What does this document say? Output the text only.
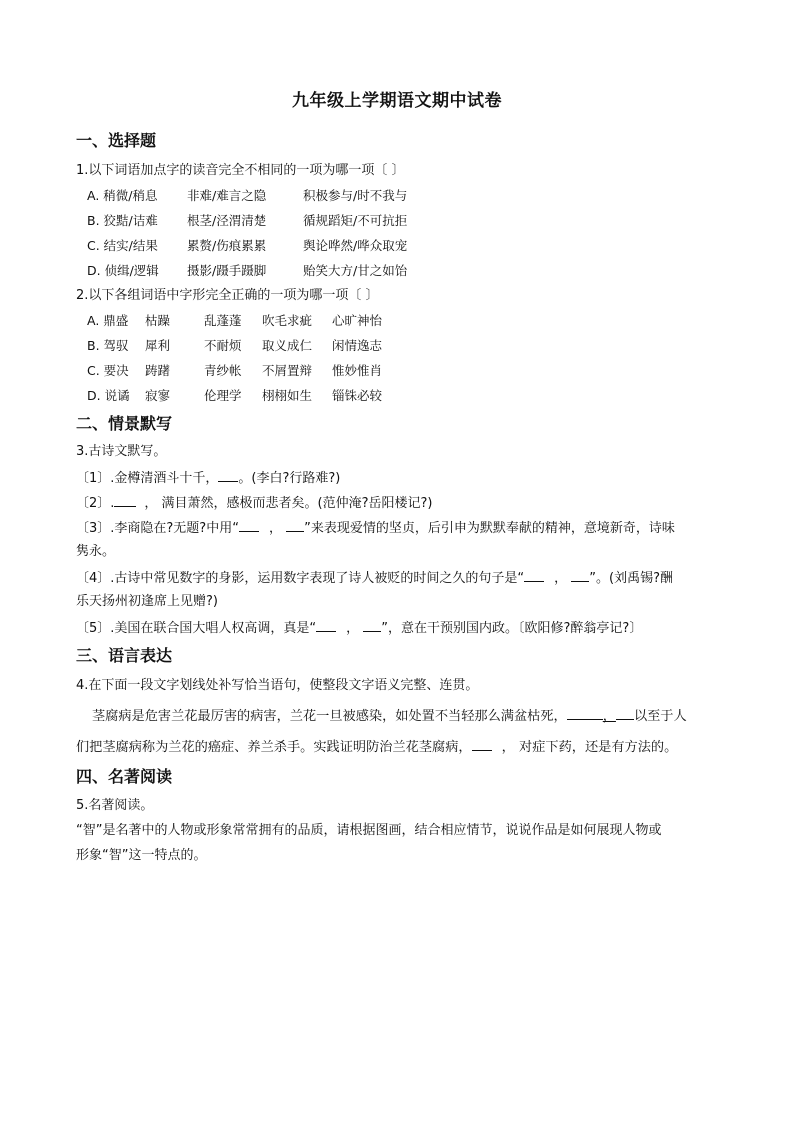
九年级上学期语文期中试卷
一、选择题
1.以下词语加点字的读音完全不相同的一项为哪一项〔 〕
A. 稍微/稍息 非难/难言之隐	积极参与/时不我与
B. 狡黠/诘难 根茎/泾渭清楚	循规蹈矩/不可抗拒
C. 结实/结果 累赘/伤痕累累	舆论哗然/哗众取宠
D. 侦缉/逻辑 摄影/蹑手蹑脚	贻笑大方/甘之如饴
2.以下各组词语中字形完全正确的一项为哪一项〔 〕
A. 鼎盛 枯躁	乱蓬蓬 吹毛求疵 心旷神怡
B. 驾驭 犀利	不耐烦 取义成仁 闲情逸志
C. 要决 踌躇	青纱帐 不屑置辩 惟妙惟肖
D. 说谲 寂寥	伦理学 栩栩如生 锱铢必较
二、情景默写
3.古诗文默写。
〔1〕.金樽清酒斗十千， 。(李白?行路难?)
〔2〕. ， 满目萧然，感极而悲者矣。(范仲淹?岳阳楼记?)
〔3〕.李商隐在?无题?中用“ ， ”来表现爱情的坚贞，后引申为默默奉献的精神，意境新奇，诗味
隽永。
〔4〕.古诗中常见数字的身影，运用数字表现了诗人被贬的时间之久的句子是“ ， ”。(刘禹锡?酬
乐天扬州初逢席上见赠?)
〔5〕.美国在联合国大唱人权高调，真是“ ， ”，意在干预别国内政。〔欧阳修?醉翁亭记?〕
三、语言表达
4.在下面一段文字划线处补写恰当语句，使整段文字语义完整、连贯。
茎腐病是危害兰花最厉害的病害，兰花一旦被感染，如处置不当轻那么满盆枯死，	， 以至于人
们把茎腐病称为兰花的癌症、养兰杀手。实践证明防治兰花茎腐病， ， 对症下药，还是有方法的。
四、名著阅读
5.名著阅读。
“智”是名著中的人物或形象常常拥有的品质，请根据图画，结合相应情节，说说作品是如何展现人物或
形象“智”这一特点的。
